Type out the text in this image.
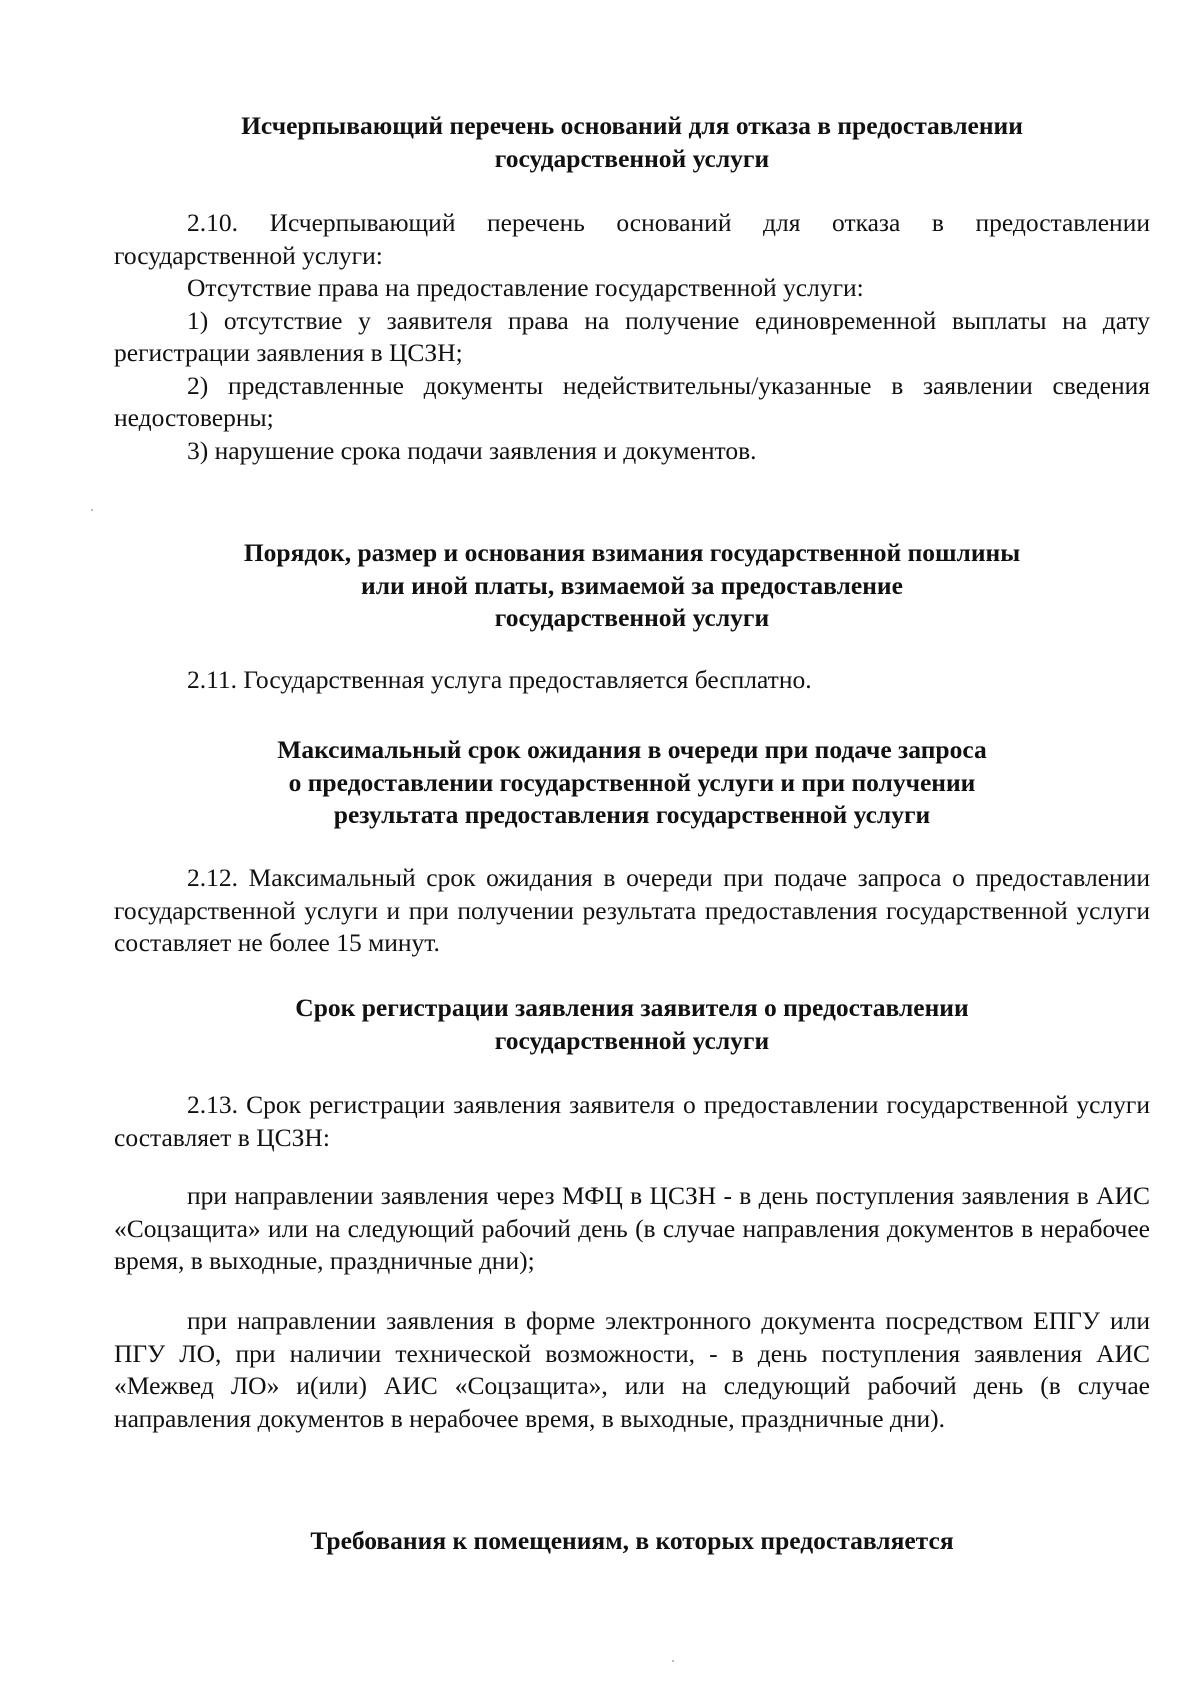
Исчерпывающий перечень оснований для отказа в предоставлении
государственной услуги

2.10. Исчерпывающий перечень оснований для отказа в предоставлении государственной услуги:

Отсутствие права на предоставление государственной услуги:

1) отсутствие у заявителя права на получение единовременной выплаты на дату регистрации заявления в ЦСЗН;

2) представленные документы недействительны/указанные в заявлении сведения недостоверны;

3) нарушение срока подачи заявления и документов.

Порядок, размер и основания взимания государственной пошлины
или иной платы, взимаемой за предоставление
государственной услуги

2.11. Государственная услуга предоставляется бесплатно.

Максимальный срок ожидания в очереди при подаче запроса
о предоставлении государственной услуги и при получении
результата предоставления государственной услуги

2.12. Максимальный срок ожидания в очереди при подаче запроса о предоставлении государственной услуги и при получении результата предоставления государственной услуги составляет не более 15 минут.

Срок регистрации заявления заявителя о предоставлении
государственной услуги

2.13. Срок регистрации заявления заявителя о предоставлении государственной услуги составляет в ЦСЗН:

при направлении заявления через МФЦ в ЦСЗН - в день поступления заявления в АИС «Соцзащита» или на следующий рабочий день (в случае направления документов в нерабочее время, в выходные, праздничные дни);

при направлении заявления в форме электронного документа посредством ЕПГУ или ПГУ ЛО, при наличии технической возможности, - в день поступления заявления АИС «Межвед ЛО» и(или) АИС «Соцзащита», или на следующий рабочий день (в случае направления документов в нерабочее время, в выходные, праздничные дни).

Требования к помещениям, в которых предоставляется
